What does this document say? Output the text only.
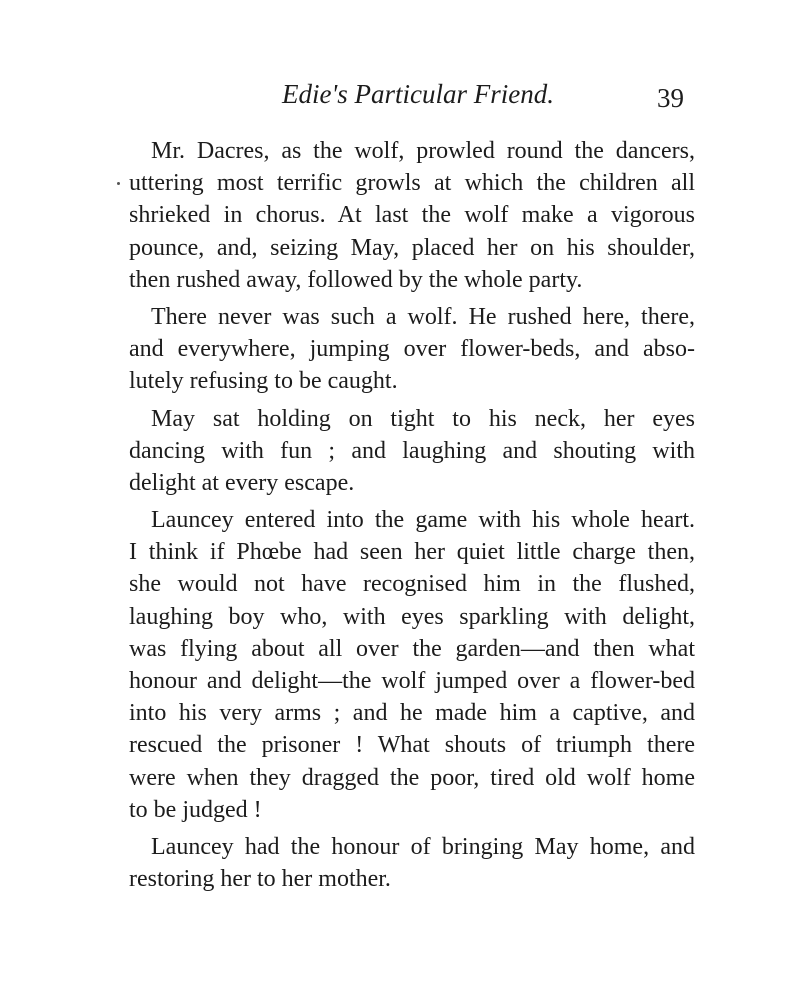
Edie's Particular Friend.	39

Mr. Dacres, as the wolf, prowled round the dancers,
uttering most terrific growls at which the children all
shrieked in chorus. At last the wolf make a vigorous
pounce, and, seizing May, placed her on his shoulder,
then rushed away, followed by the whole party.

There never was such a wolf. He rushed here, there,
and everywhere, jumping over flower-beds, and abso-
lutely refusing to be caught.

May sat holding on tight to his neck, her eyes
dancing with fun ; and laughing and shouting with
delight at every escape.

Launcey entered into the game with his whole heart.
I think if Phœbe had seen her quiet little charge then,
she would not have recognised him in the flushed,
laughing boy who, with eyes sparkling with delight,
was flying about all over the garden—and then what
honour and delight—the wolf jumped over a flower-bed
into his very arms ; and he made him a captive, and
rescued the prisoner ! What shouts of triumph there
were when they dragged the poor, tired old wolf home
to be judged !

Launcey had the honour of bringing May home, and
restoring her to her mother.
